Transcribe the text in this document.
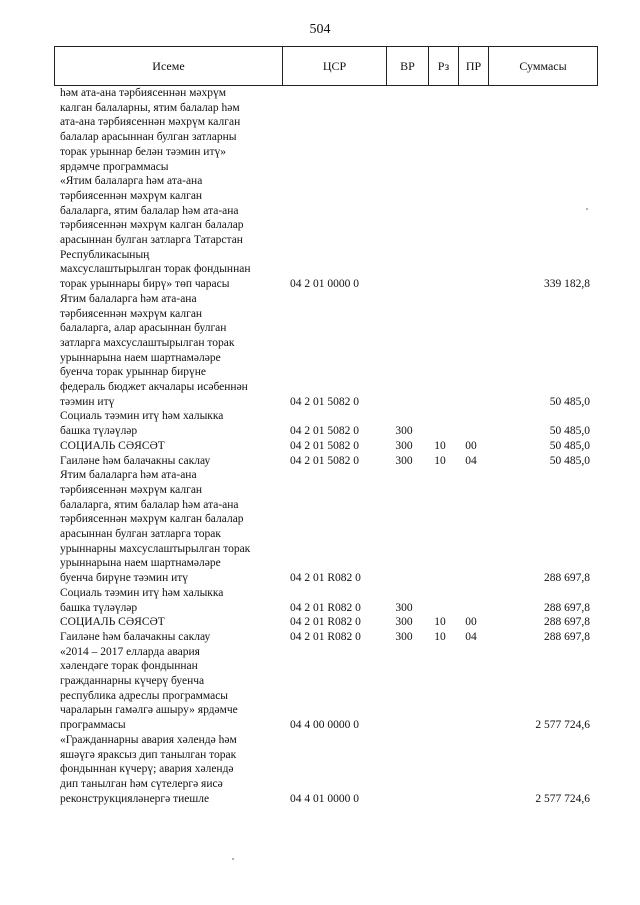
504
Исеме	ЦСР	ВР	Рз	ПР	Суммасы
һәм ата-ана тәрбиясеннән мәхрүм
калган балаларны, ятим балалар һәм
ата-ана тәрбиясеннән мәхрүм калган
балалар арасыннан булган затларны
торак урыннар белән тәэмин итү»
ярдәмче программасы
«Ятим балаларга һәм ата-ана
тәрбиясеннән мәхрүм калган
балаларга, ятим балалар һәм ата-ана
тәрбиясеннән мәхрүм калган балалар
арасыннан булган затларга Татарстан
Республикасының
махсуслаштырылган торак фондыннан
торак урыннары бирү» төп чарасы	04 2 01 0000 0	339 182,8
Ятим балаларга һәм ата-ана
тәрбиясеннән мәхрүм калган
балаларга, алар арасыннан булган
затларга махсуслаштырылган торак
урыннарына наем шартнамәләре
буенча торак урыннар бирүне
федераль бюджет акчалары исәбеннән
тәэмин итү	04 2 01 5082 0	50 485,0
Социаль тәэмин итү һәм халыкка
башка түләүләр	04 2 01 5082 0	300	50 485,0
СОЦИАЛЬ СӘЯСӘТ	04 2 01 5082 0	300	10	00	50 485,0
Гаиләне һәм балачакны саклау	04 2 01 5082 0	300	10	04	50 485,0
Ятим балаларга һәм ата-ана
тәрбиясеннән мәхрүм калган
балаларга, ятим балалар һәм ата-ана
тәрбиясеннән мәхрүм калган балалар
арасыннан булган затларга торак
урыннарны махсуслаштырылган торак
урыннарына наем шартнамәләре
буенча бирүне тәэмин итү	04 2 01 R082 0	288 697,8
Социаль тәэмин итү һәм халыкка
башка түләүләр	04 2 01 R082 0	300	288 697,8
СОЦИАЛЬ СӘЯСӘТ	04 2 01 R082 0	300	10	00	288 697,8
Гаиләне һәм балачакны саклау	04 2 01 R082 0	300	10	04	288 697,8
«2014 – 2017 елларда авария
хәлендәге торак фондыннан
гражданнарны күчерү буенча
республика адреслы программасы
чараларын гамәлгә ашыру» ярдәмче
программасы	04 4 00 0000 0	2 577 724,6
«Гражданнарны авария хәлендә һәм
яшәүгә яраксыз дип танылган торак
фондыннан күчерү; авария хәлендә
дип танылган һәм сүтелергә яисә
реконструкцияләнергә тиешле	04 4 01 0000 0	2 577 724,6
